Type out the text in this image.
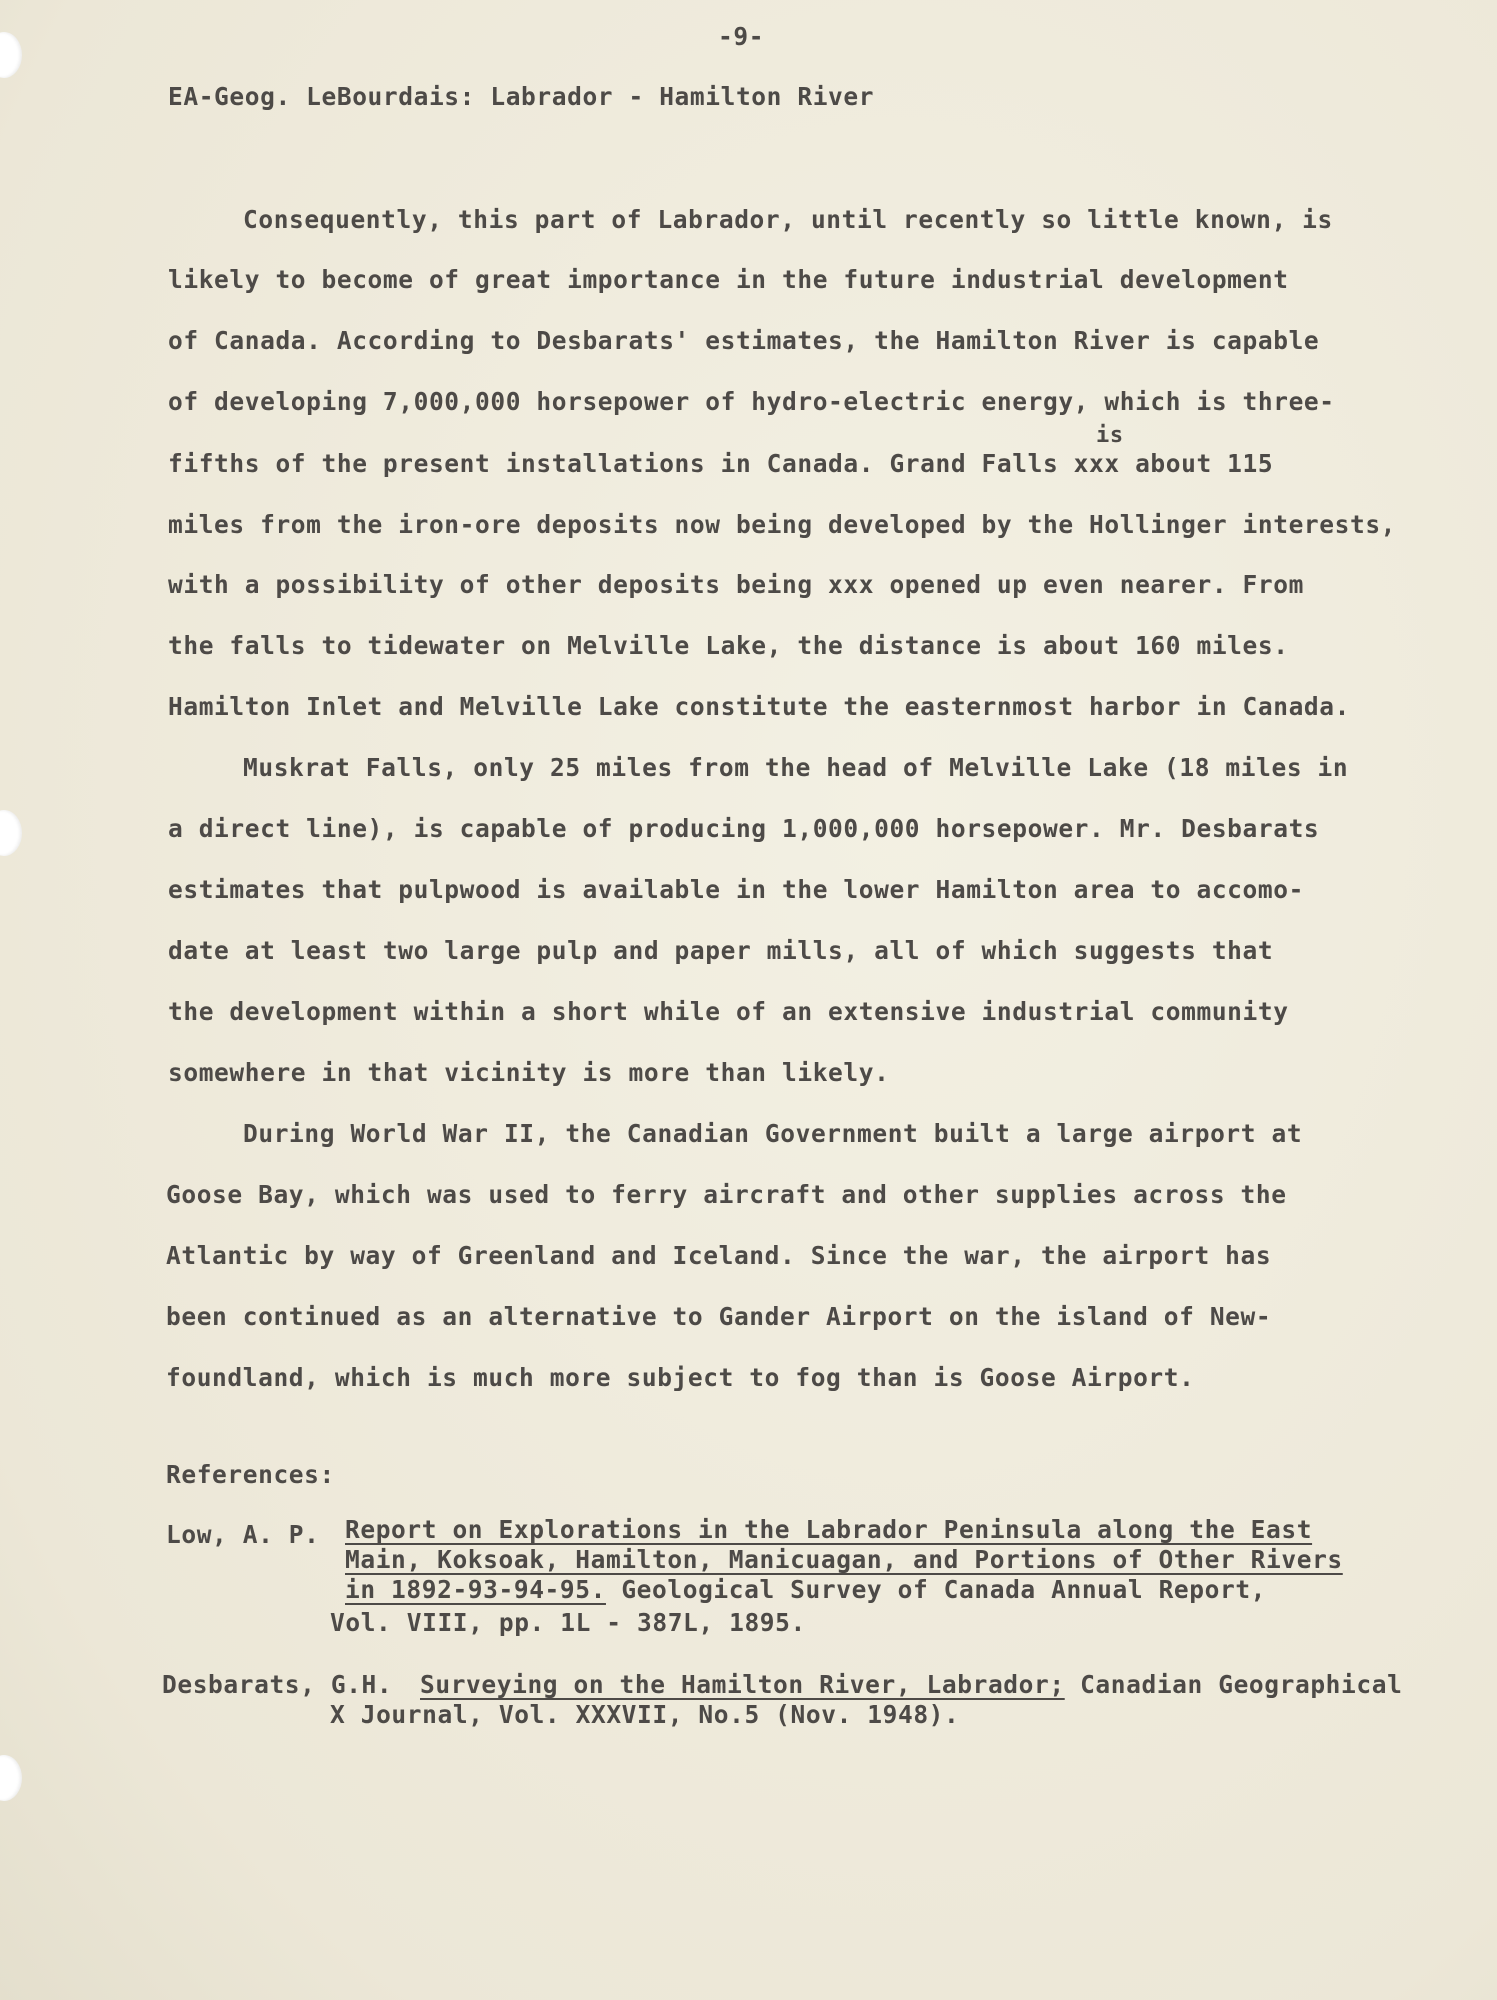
-9-

EA-Geog. LeBourdais: Labrador - Hamilton River

Consequently, this part of Labrador, until recently so little known, is

likely to become of great importance in the future industrial development

of Canada. According to Desbarats' estimates, the Hamilton River is capable

of developing 7,000,000 horsepower of hydro-electric energy, which is three-

is

fifths of the present installations in Canada. Grand Falls xxx about 115

miles from the iron-ore deposits now being developed by the Hollinger interests,

with a possibility of other deposits being xxx opened up even nearer. From

the falls to tidewater on Melville Lake, the distance is about 160 miles.

Hamilton Inlet and Melville Lake constitute the easternmost harbor in Canada.

Muskrat Falls, only 25 miles from the head of Melville Lake (18 miles in

a direct line), is capable of producing 1,000,000 horsepower. Mr. Desbarats

estimates that pulpwood is available in the lower Hamilton area to accomo-

date at least two large pulp and paper mills, all of which suggests that

the development within a short while of an extensive industrial community

somewhere in that vicinity is more than likely.

During World War II, the Canadian Government built a large airport at

Goose Bay, which was used to ferry aircraft and other supplies across the

Atlantic by way of Greenland and Iceland. Since the war, the airport has

been continued as an alternative to Gander Airport on the island of New-

foundland, which is much more subject to fog than is Goose Airport.

References:

Low, A. P. Report on Explorations in the Labrador Peninsula along the East

Main, Koksoak, Hamilton, Manicuagan, and Portions of Other Rivers

in 1892-93-94-95. Geological Survey of Canada Annual Report,

Vol. VIII, pp. 1L - 387L, 1895.

Desbarats, G.H. Surveying on the Hamilton River, Labrador; Canadian Geographical

X Journal, Vol. XXXVII, No.5 (Nov. 1948).
